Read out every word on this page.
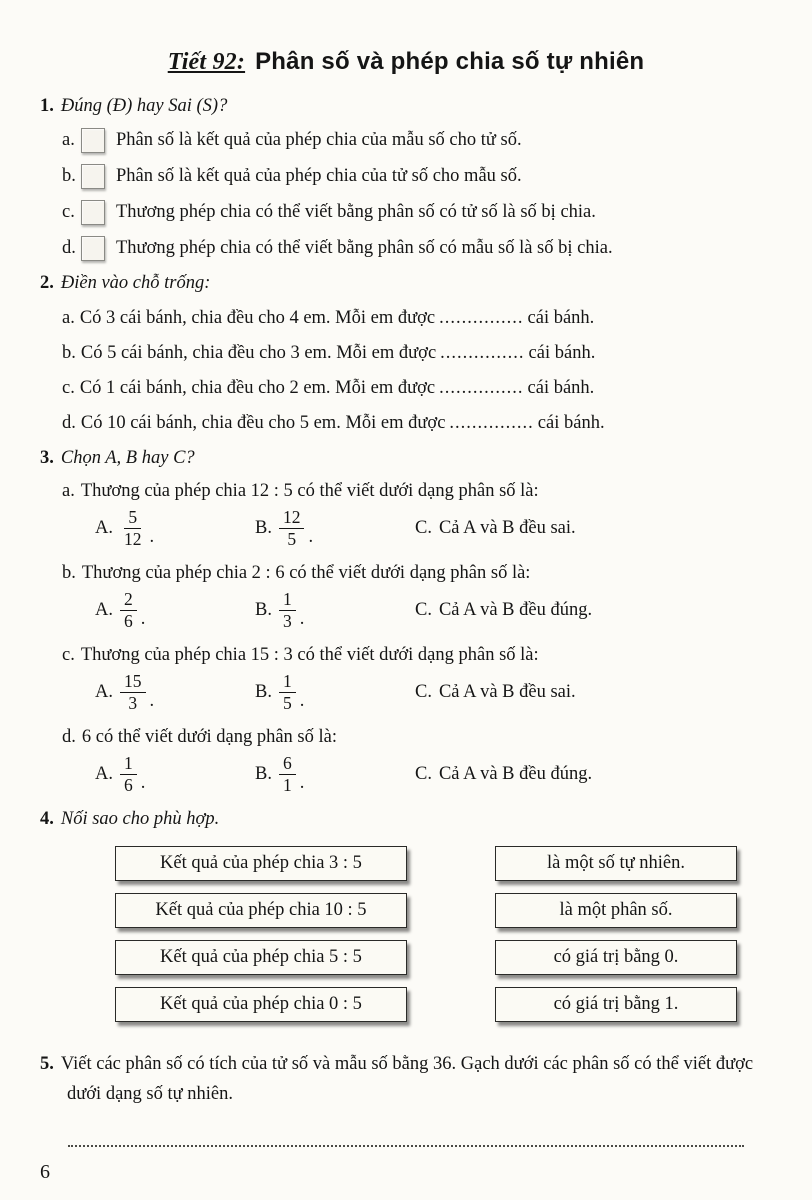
Tiết 92: Phân số và phép chia số tự nhiên
1. Đúng (Đ) hay Sai (S)?
a.	Phân số là kết quả của phép chia của mẫu số cho tử số.
b. Phân số là kết quả của phép chia của tử số cho mẫu số.
c.	Thương phép chia có thể viết bằng phân số có tử số là số bị chia.
d. Thương phép chia có thể viết bằng phân số có mẫu số là số bị chia.
2. Điền vào chỗ trống:
a. Có 3 cái bánh, chia đều cho 4 em. Mỗi em được ............... cái bánh.
b. Có 5 cái bánh, chia đều cho 3 em. Mỗi em được ............... cái bánh.
c. Có 1 cái bánh, chia đều cho 2 em. Mỗi em được ............... cái bánh.
d. Có 10 cái bánh, chia đều cho 5 em. Mỗi em được ............... cái bánh.
3. Chọn A, B hay C?
a. Thương của phép chia 12 : 5 có thể viết dưới dạng phân số là:
A. $\frac{5}{12}$ .	B. $\frac{12}{5}$ .	C. Cả A và B đều sai.
b. Thương của phép chia 2 : 6 có thể viết dưới dạng phân số là:
A. $\frac{2}{6}$ .	B. $\frac{1}{3}$ .	C. Cả A và B đều đúng.
c. Thương của phép chia 15 : 3 có thể viết dưới dạng phân số là:
A. $\frac{15}{3}$ .	B. $\frac{1}{5}$ .	C. Cả A và B đều sai.
d. 6 có thể viết dưới dạng phân số là:
A. $\frac{1}{6}$ .	B. $\frac{6}{1}$ .	C. Cả A và B đều đúng.
4. Nối sao cho phù hợp.
Kết quả của phép chia 3 : 5
Kết quả của phép chia 10 : 5
Kết quả của phép chia 5 : 5
Kết quả của phép chia 0 : 5
là một số tự nhiên.
là một phân số.
có giá trị bằng 0.
có giá trị bằng 1.
5. Viết các phân số có tích của tử số và mẫu số bằng 36. Gạch dưới các phân số có thể viết được dưới dạng số tự nhiên.
6
